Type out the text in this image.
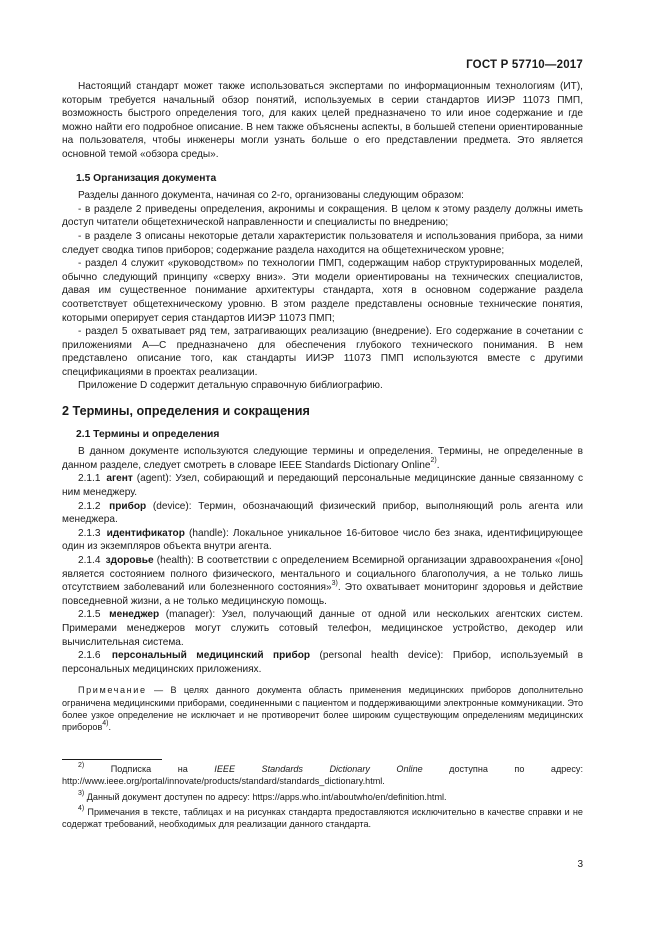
ГОСТ Р 57710—2017

Настоящий стандарт может также использоваться экспертами по информационным технологиям (ИТ), которым требуется начальный обзор понятий, используемых в серии стандартов ИИЭР 11073 ПМП, возможность быстрого определения того, для каких целей предназначено то или иное содержание и где можно найти его подробное описание. В нем также объяснены аспекты, в большей степени ориентированные на пользователя, чтобы инженеры могли узнать больше о его представлении предмета. Это является основной темой «обзора среды».

1.5 Организация документа

Разделы данного документа, начиная со 2-го, организованы следующим образом:

- в разделе 2 приведены определения, акронимы и сокращения. В целом к этому разделу должны иметь доступ читатели общетехнической направленности и специалисты по внедрению;

- в разделе 3 описаны некоторые детали характеристик пользователя и использования прибора, за ними следует сводка типов приборов; содержание раздела находится на общетехническом уровне;

- раздел 4 служит «руководством» по технологии ПМП, содержащим набор структурированных моделей, обычно следующий принципу «сверху вниз». Эти модели ориентированы на технических специалистов, давая им существенное понимание архитектуры стандарта, хотя в основном содержание раздела соответствует общетехническому уровню. В этом разделе представлены основные технические понятия, которыми оперирует серия стандартов ИИЭР 11073 ПМП;

- раздел 5 охватывает ряд тем, затрагивающих реализацию (внедрение). Его содержание в сочетании с приложениями А—С предназначено для обеспечения глубокого технического понимания. В нем представлено описание того, как стандарты ИИЭР 11073 ПМП используются вместе с другими спецификациями в проектах реализации.

Приложение D содержит детальную справочную библиографию.

2 Термины, определения и сокращения
2.1 Термины и определения

В данном документе используются следующие термины и определения. Термины, не определенные в данном разделе, следует смотреть в словаре IEEE Standards Dictionary Online$^{2)}$.

2.1.1 агент (agent): Узел, собирающий и передающий персональные медицинские данные связанному с ним менеджеру.

2.1.2 прибор (device): Термин, обозначающий физический прибор, выполняющий роль агента или менеджера.

2.1.3 идентификатор (handle): Локальное уникальное 16-битовое число без знака, идентифицирующее один из экземпляров объекта внутри агента.

2.1.4 здоровье (health): В соответствии с определением Всемирной организации здравоохранения «[оно] является состоянием полного физического, ментального и социального благополучия, а не только лишь отсутствием заболеваний или болезненного состояния»$^{3)}$. Это охватывает мониторинг здоровья и действие повседневной жизни, а не только медицинскую помощь.

2.1.5 менеджер (manager): Узел, получающий данные от одной или нескольких агентских систем. Примерами менеджеров могут служить сотовый телефон, медицинское устройство, декодер или вычислительная система.

2.1.6 персональный медицинский прибор (personal health device): Прибор, используемый в персональных медицинских приложениях.

Примечание — В целях данного документа область применения медицинских приборов дополнительно ограничена медицинскими приборами, соединенными с пациентом и поддерживающими электронные коммуникации. Это более узкое определение не исключает и не противоречит более широким существующим определениям медицинских приборов$^{4)}$.

$^{2)}$ Подписка на IEEE Standards Dictionary Online доступна по адресу: http://www.ieee.org/portal/innovate/products/standard/standards_dictionary.html.

$^{3)}$ Данный документ доступен по адресу: https://apps.who.int/aboutwho/en/definition.html.

$^{4)}$ Примечания в тексте, таблицах и на рисунках стандарта предоставляются исключительно в качестве справки и не содержат требований, необходимых для реализации данного стандарта.

3
